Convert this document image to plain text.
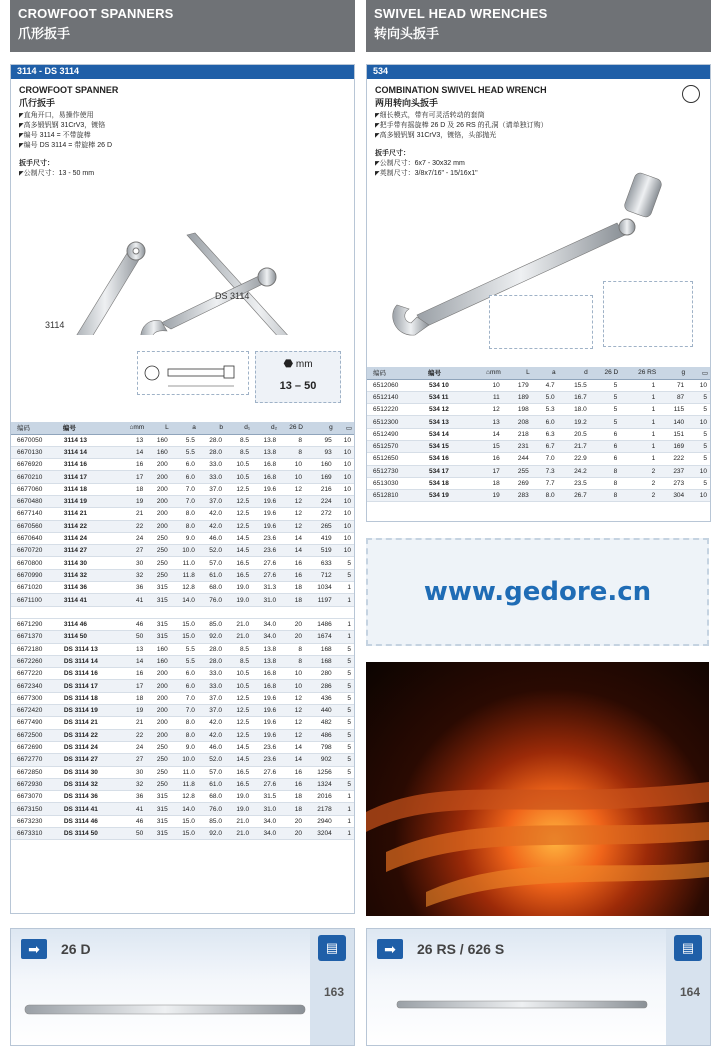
CROWFOOT SPANNERS
爪形扳手
3114 - DS 3114
CROWFOOT SPANNER
爪行扳手
◤ 直角开口，易操作使用
◤ 高多锻钒钢 31CrV3，镀铬
◤ 编号 3114 = 不带旋棒
◤ 编号 DS 3114 = 带旋棒 26 D
扳手尺寸：
◤ 公制尺寸：13 - 50 mm
3114
DS 3114
⬣ mm
13 – 50
编码	编号	⌂mm	L	a	b	d₁	d₂	26 D	g	▭
6670050	3114 13	13	160	5.5	28.0	8.5	13.8	8	95	10
6670130	3114 14	14	160	5.5	28.0	8.5	13.8	8	93	10
6676920	3114 16	16	200	6.0	33.0	10.5	16.8	10	160	10
6670210	3114 17	17	200	6.0	33.0	10.5	16.8	10	169	10
6677060	3114 18	18	200	7.0	37.0	12.5	19.6	12	216	10
6670480	3114 19	19	200	7.0	37.0	12.5	19.6	12	224	10
6677140	3114 21	21	200	8.0	42.0	12.5	19.6	12	272	10
6670560	3114 22	22	200	8.0	42.0	12.5	19.6	12	265	10
6670640	3114 24	24	250	9.0	46.0	14.5	23.6	14	419	10
6670720	3114 27	27	250	10.0	52.0	14.5	23.6	14	519	10
6670800	3114 30	30	250	11.0	57.0	16.5	27.6	16	633	5
6670990	3114 32	32	250	11.8	61.0	16.5	27.6	16	712	5
6671020	3114 36	36	315	12.8	68.0	19.0	31.3	18	1034	1
6671100	3114 41	41	315	14.0	76.0	19.0	31.0	18	1197	1

6671290	3114 46	46	315	15.0	85.0	21.0	34.0	20	1486	1
6671370	3114 50	50	315	15.0	92.0	21.0	34.0	20	1674	1
6672180	DS 3114 13	13	160	5.5	28.0	8.5	13.8	8	168	5
6672260	DS 3114 14	14	160	5.5	28.0	8.5	13.8	8	168	5
6677220	DS 3114 16	16	200	6.0	33.0	10.5	16.8	10	280	5
6672340	DS 3114 17	17	200	6.0	33.0	10.5	16.8	10	286	5
6677300	DS 3114 18	18	200	7.0	37.0	12.5	19.6	12	436	5
6672420	DS 3114 19	19	200	7.0	37.0	12.5	19.6	12	440	5
6677490	DS 3114 21	21	200	8.0	42.0	12.5	19.6	12	482	5
6672500	DS 3114 22	22	200	8.0	42.0	12.5	19.6	12	486	5
6672690	DS 3114 24	24	250	9.0	46.0	14.5	23.6	14	798	5
6672770	DS 3114 27	27	250	10.0	52.0	14.5	23.6	14	902	5
6672850	DS 3114 30	30	250	11.0	57.0	16.5	27.6	16	1256	5
6672930	DS 3114 32	32	250	11.8	61.0	16.5	27.6	16	1324	5
6673070	DS 3114 36	36	315	12.8	68.0	19.0	31.5	18	2016	1
6673150	DS 3114 41	41	315	14.0	76.0	19.0	31.0	18	2178	1
6673230	DS 3114 46	46	315	15.0	85.0	21.0	34.0	20	2940	1
6673310	DS 3114 50	50	315	15.0	92.0	21.0	34.0	20	3204	1
➡	26 D	▤
163
SWIVEL HEAD WRENCHES
转向头扳手
534
COMBINATION SWIVEL HEAD WRENCH
两用转向头扳手
◤ 细长模式，带有可灵活转动的套筒
◤ 把手带有摇旋棒 26 D 及 26 RS 的孔洞（请单独订购）
◤ 高多锻钒钢 31CrV3，镀铬，头部抛光
扳手尺寸：
◤ 公制尺寸：6x7 - 30x32 mm
◤ 英制尺寸：3/8x7/16" - 15/16x1"
编码	编号	⌂mm	L	a	d	26 D	26 RS	g	▭
6512060	534 10	10	179	4.7	15.5	5	1	71	10
6512140	534 11	11	189	5.0	16.7	5	1	87	5
6512220	534 12	12	198	5.3	18.0	5	1	115	5
6512300	534 13	13	208	6.0	19.2	5	1	140	10
6512490	534 14	14	218	6.3	20.5	6	1	151	5
6512570	534 15	15	231	6.7	21.7	6	1	169	5
6512650	534 16	16	244	7.0	22.9	6	1	222	5
6512730	534 17	17	255	7.3	24.2	8	2	237	10
6513030	534 18	18	269	7.7	23.5	8	2	273	5
6512810	534 19	19	283	8.0	26.7	8	2	304	10
www.gedore.cn
➡	26 RS / 626 S	▤
164
